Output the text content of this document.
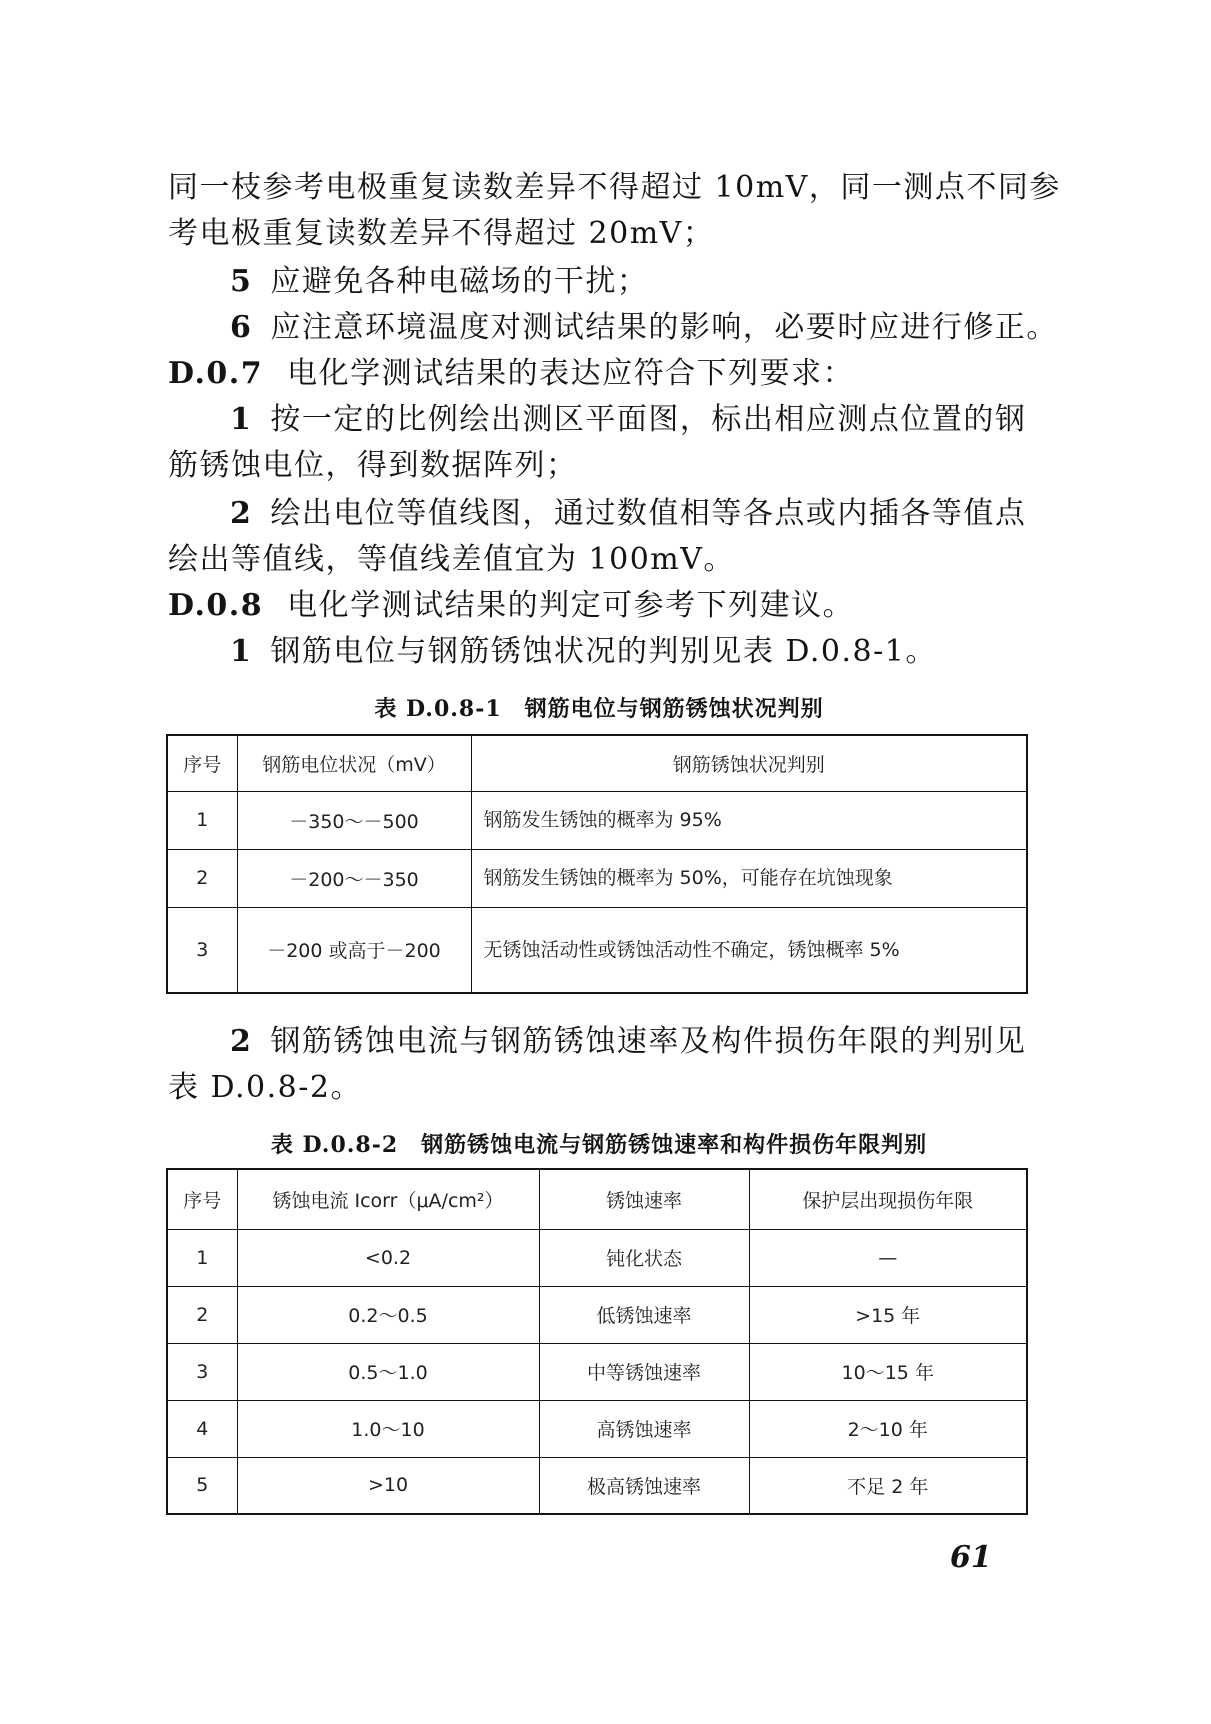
同一枝参考电极重复读数差异不得超过 10mV，同一测点不同参
考电极重复读数差异不得超过 20mV；
5 应避免各种电磁场的干扰；
6 应注意环境温度对测试结果的影响，必要时应进行修正。
D.0.7 电化学测试结果的表达应符合下列要求：
1 按一定的比例绘出测区平面图，标出相应测点位置的钢
筋锈蚀电位，得到数据阵列；
2 绘出电位等值线图，通过数值相等各点或内插各等值点
绘出等值线，等值线差值宜为 100mV。
D.0.8 电化学测试结果的判定可参考下列建议。
1 钢筋电位与钢筋锈蚀状况的判别见表 D.0.8-1。
表 D.0.8-1　钢筋电位与钢筋锈蚀状况判别
序号	钢筋电位状况（mV）	钢筋锈蚀状况判别
1	－350～－500	钢筋发生锈蚀的概率为 95%
2	－200～－350	钢筋发生锈蚀的概率为 50%，可能存在坑蚀现象
3	－200 或高于－200	无锈蚀活动性或锈蚀活动性不确定，锈蚀概率 5%
2 钢筋锈蚀电流与钢筋锈蚀速率及构件损伤年限的判别见
表 D.0.8-2。
表 D.0.8-2　钢筋锈蚀电流与钢筋锈蚀速率和构件损伤年限判别
序号	锈蚀电流 Icorr（μA/cm²）	锈蚀速率	保护层出现损伤年限
1	<0.2	钝化状态	—
2	0.2～0.5	低锈蚀速率	>15 年
3	0.5～1.0	中等锈蚀速率	10～15 年
4	1.0～10	高锈蚀速率	2～10 年
5	>10	极高锈蚀速率	不足 2 年
61
